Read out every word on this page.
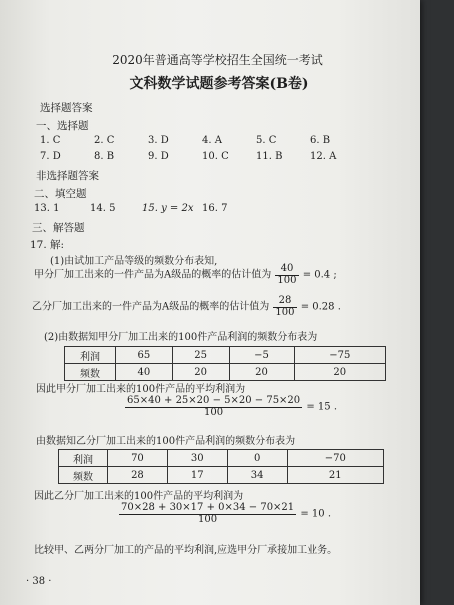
2020年普通高等学校招生全国统一考试
文科数学试题参考答案(B卷)
选择题答案
一、选择题
1. C	2. C	3. D	4. A	5. C	6. B
7. D	8. B	9. D	10. C	11. B	12. A
非选择题答案
二、填空题
13. 1	14. 5	15. y = 2x 16. 7
三、解答题
17. 解:
(1)由试加工产品等级的频数分布表知,
甲分厂加工出来的一件产品为A级品的概率的估计值为 $\frac{40}{100} = 0.4$ ;
乙分厂加工出来的一件产品为A级品的概率的估计值为 $\frac{28}{100} = 0.28$ .
(2)由数据知甲分厂加工出来的100件产品利润的频数分布表为
利润	65	25	−5	−75
频数	40	20	20	20
因此甲分厂加工出来的100件产品的平均利润为
$\frac{65\times 40 + 25\times 20 - 5\times 20 - 75\times 20}{100} = 15$ .
由数据知乙分厂加工出来的100件产品利润的频数分布表为
利润	70	30	0	−70
频数	28	17	34	21
因此乙分厂加工出来的100件产品的平均利润为
$\frac{70\times 28 + 30\times 17 + 0\times 34 - 70\times 21}{100} = 10$ .
比较甲、乙两分厂加工的产品的平均利润,应选甲分厂承接加工业务。
· 38 ·
